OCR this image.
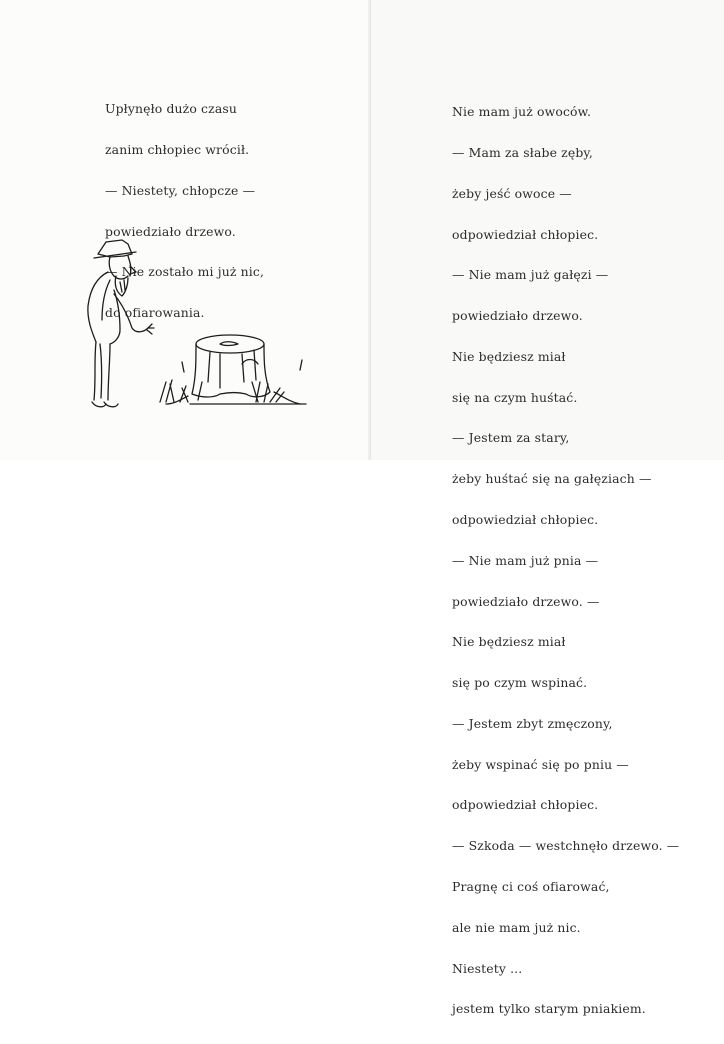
Upłynęło dużo czasu

zanim chłopiec wrócił.

— Niestety, chłopcze —

powiedziało drzewo.

— Nie zostało mi już nic,

do ofiarowania.

Nie mam już owoców.

— Mam za słabe zęby,

żeby jeść owoce —

odpowiedział chłopiec.

— Nie mam już gałęzi —

powiedziało drzewo.

Nie będziesz miał

się na czym huśtać.

— Jestem za stary,

żeby huśtać się na gałęziach —

odpowiedział chłopiec.

— Nie mam już pnia —

powiedziało drzewo. —

Nie będziesz miał

się po czym wspinać.

— Jestem zbyt zmęczony,

żeby wspinać się po pniu —

odpowiedział chłopiec.

— Szkoda — westchnęło drzewo. —

Pragnę ci coś ofiarować,

ale nie mam już nic.

Niestety ...

jestem tylko starym pniakiem.
